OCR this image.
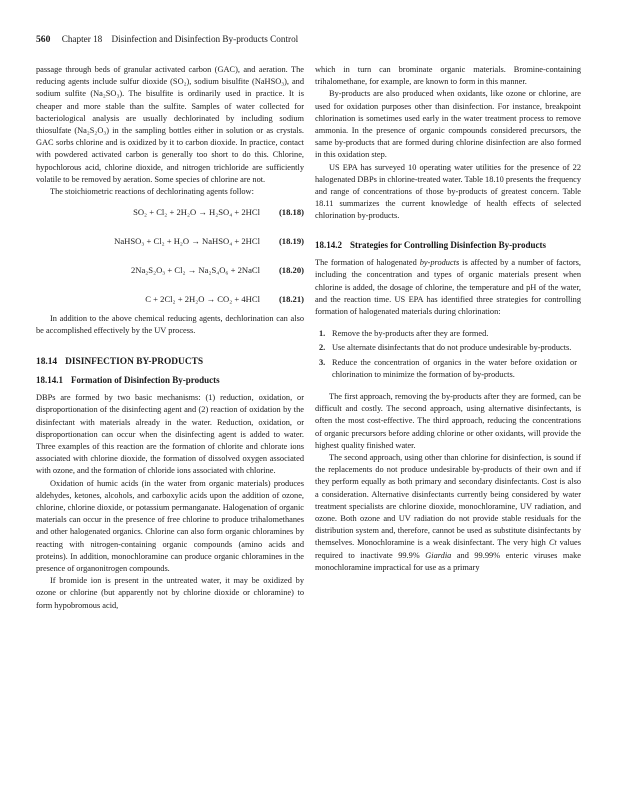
560 Chapter 18    Disinfection and Disinfection By-products Control

passage through beds of granular activated carbon (GAC), and aeration. The reducing agents include sulfur dioxide (SO₂), sodium bisulfite (NaHSO₃), and sodium sulfite (Na₂SO₃). The bisulfite is ordinarily used in practice. It is cheaper and more stable than the sulfite. Samples of water collected for bacteriological analysis are usually dechlorinated by including sodium thiosulfate (Na₂S₂O₃) in the sampling bottles either in solution or as crystals. GAC sorbs chlorine and is oxidized by it to carbon dioxide. In practice, contact with powdered activated carbon is generally too short to do this. Chlorine, hypochlorous acid, chlorine dioxide, and nitrogen trichloride are sufficiently volatile to be removed by aeration. Some species of chlorine are not.

The stoichiometric reactions of dechlorinating agents follow:

SO₂ + Cl₂ + 2H₂O → H₂SO₄ + 2HCl (18.18)
NaHSO₃ + Cl₂ + H₂O → NaHSO₄ + 2HCl (18.19)
2Na₂S₂O₃ + Cl₂ → Na₂S₄O₆ + 2NaCl (18.20)
C + 2Cl₂ + 2H₂O → CO₂ + 4HCl (18.21)

In addition to the above chemical reducing agents, dechlorination can also be accomplished effectively by the UV process.

18.14 DISINFECTION BY-PRODUCTS
18.14.1 Formation of Disinfection By-products

DBPs are formed by two basic mechanisms: (1) reduction, oxidation, or disproportionation of the disinfecting agent and (2) reaction of oxidation by the disinfectant with materials already in the water. Reduction, oxidation, or disproportionation can occur when the disinfecting agent is added to water. Three examples of this reaction are the formation of chlorite and chlorate ions associated with chlorine dioxide, the formation of dissolved oxygen associated with ozone, and the formation of chloride ions associated with chlorine.

Oxidation of humic acids (in the water from organic materials) produces aldehydes, ketones, alcohols, and carboxylic acids upon the addition of ozone, chlorine, chlorine dioxide, or potassium permanganate. Halogenation of organic materials can occur in the presence of free chlorine to produce trihalomethanes and other halogenated organics. Chlorine can also form organic chloramines by reacting with nitrogen-containing organic compounds (amino acids and proteins). In addition, monochloramine can produce organic chloramines in the presence of organonitrogen compounds.

If bromide ion is present in the untreated water, it may be oxidized by ozone or chlorine (but apparently not by chlorine dioxide or chloramine) to form hypobromous acid,

which in turn can brominate organic materials. Bromine-containing trihalomethane, for example, are known to form in this manner.

By-products are also produced when oxidants, like ozone or chlorine, are used for oxidation purposes other than disinfection. For instance, breakpoint chlorination is sometimes used early in the water treatment process to remove ammonia. In the presence of organic compounds considered precursors, the same by-products that are formed during chlorine disinfection are also formed in this oxidation step.

US EPA has surveyed 10 operating water utilities for the presence of 22 halogenated DBPs in chlorine-treated water. Table 18.10 presents the frequency and range of concentrations of those by-products of greatest concern. Table 18.11 summarizes the current knowledge of health effects of selected chlorination by-products.

18.14.2 Strategies for Controlling Disinfection By-products

The formation of halogenated by-products is affected by a number of factors, including the concentration and types of organic materials present when chlorine is added, the dosage of chlorine, the temperature and pH of the water, and the reaction time. US EPA has identified three strategies for controlling formation of halogenated materials during chlorination:

1. Remove the by-products after they are formed.
2. Use alternate disinfectants that do not produce undesirable by-products.
3. Reduce the concentration of organics in the water before oxidation or chlorination to minimize the formation of by-products.

The first approach, removing the by-products after they are formed, can be difficult and costly. The second approach, using alternative disinfectants, is often the most cost-effective. The third approach, reducing the concentrations of organic precursors before adding chlorine or other oxidants, will provide the highest quality finished water.

The second approach, using other than chlorine for disinfection, is sound if the replacements do not produce undesirable by-products of their own and if they perform equally as both primary and secondary disinfectants. Cost is also a consideration. Alternative disinfectants currently being considered by water treatment specialists are chlorine dioxide, monochloramine, UV radiation, and ozone. Both ozone and UV radiation do not provide stable residuals for the distribution system and, therefore, cannot be used as substitute disinfectants by themselves. Monochloramine is a weak disinfectant. The very high Ct values required to inactivate 99.9% Giardia and 99.99% enteric viruses make monochloramine impractical for use as a primary
